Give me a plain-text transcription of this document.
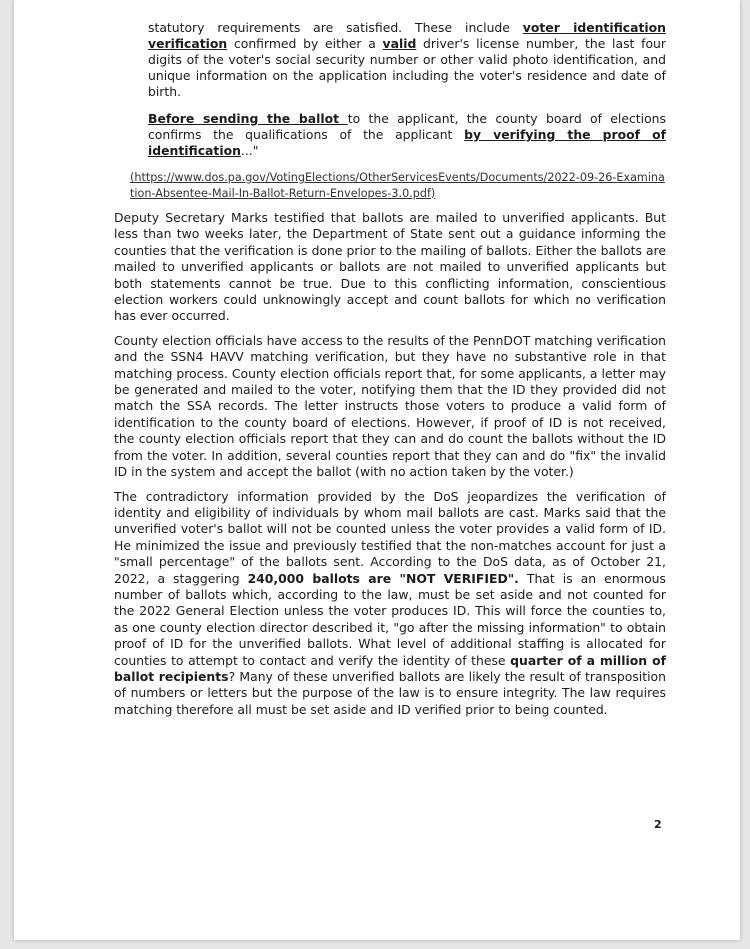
statutory requirements are satisfied. These include voter identification verification confirmed by either a valid driver's license number, the last four digits of the voter's social security number or other valid photo identification, and unique information on the application including the voter's residence and date of birth.

Before sending the ballot to the applicant, the county board of elections confirms the qualifications of the applicant by verifying the proof of identification..."

(https://www.dos.pa.gov/VotingElections/OtherServicesEvents/Documents/2022-09-26-Examination-Absentee-Mail-In-Ballot-Return-Envelopes-3.0.pdf)

Deputy Secretary Marks testified that ballots are mailed to unverified applicants. But less than two weeks later, the Department of State sent out a guidance informing the counties that the verification is done prior to the mailing of ballots. Either the ballots are mailed to unverified applicants or ballots are not mailed to unverified applicants but both statements cannot be true. Due to this conflicting information, conscientious election workers could unknowingly accept and count ballots for which no verification has ever occurred.

County election officials have access to the results of the PennDOT matching verification and the SSN4 HAVV matching verification, but they have no substantive role in that matching process. County election officials report that, for some applicants, a letter may be generated and mailed to the voter, notifying them that the ID they provided did not match the SSA records. The letter instructs those voters to produce a valid form of identification to the county board of elections. However, if proof of ID is not received, the county election officials report that they can and do count the ballots without the ID from the voter. In addition, several counties report that they can and do "fix" the invalid ID in the system and accept the ballot (with no action taken by the voter.)

The contradictory information provided by the DoS jeopardizes the verification of identity and eligibility of individuals by whom mail ballots are cast. Marks said that the unverified voter's ballot will not be counted unless the voter provides a valid form of ID. He minimized the issue and previously testified that the non-matches account for just a "small percentage" of the ballots sent. According to the DoS data, as of October 21, 2022, a staggering 240,000 ballots are "NOT VERIFIED". That is an enormous number of ballots which, according to the law, must be set aside and not counted for the 2022 General Election unless the voter produces ID. This will force the counties to, as one county election director described it, "go after the missing information" to obtain proof of ID for the unverified ballots. What level of additional staffing is allocated for counties to attempt to contact and verify the identity of these quarter of a million of ballot recipients? Many of these unverified ballots are likely the result of transposition of numbers or letters but the purpose of the law is to ensure integrity. The law requires matching therefore all must be set aside and ID verified prior to being counted.

2
